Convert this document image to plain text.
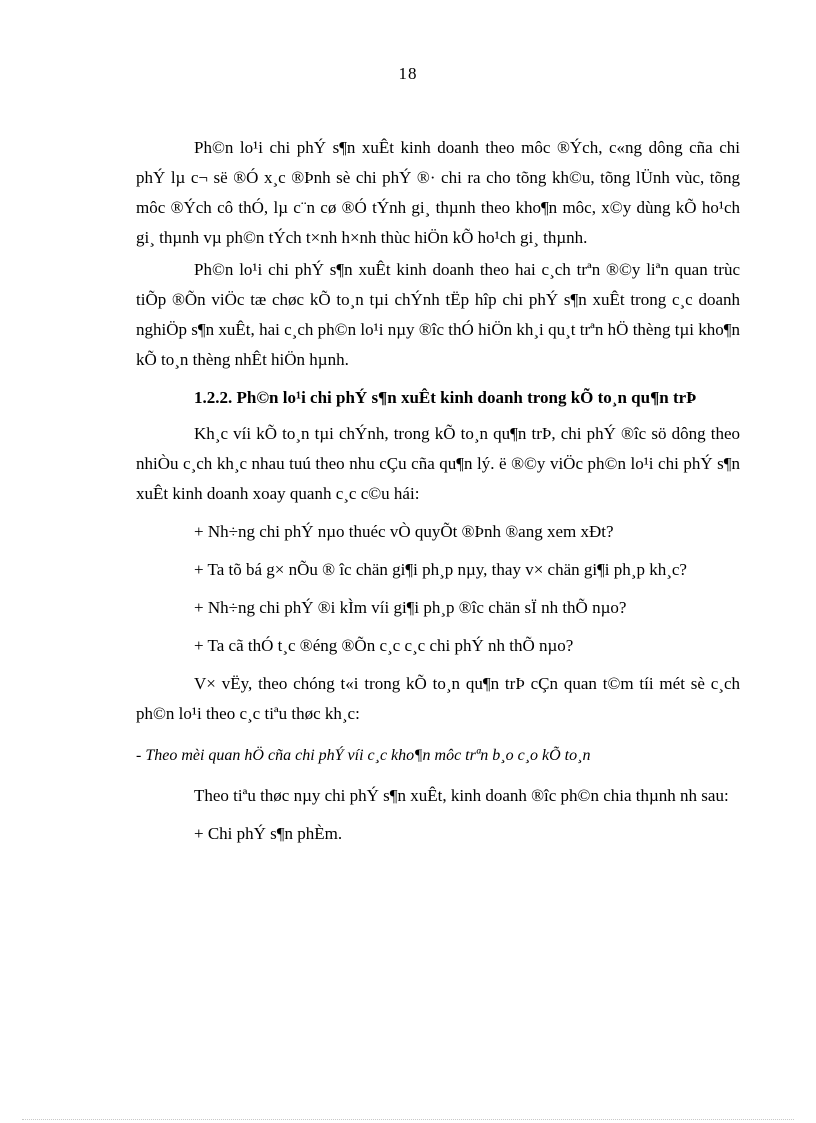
18

Ph©n lo¹i chi phÝ s¶n xuÊt kinh doanh theo môc ®Ých, c«ng dông cña chi phÝ lµ c¬ së ®Ó x¸c ®Þnh sè chi phÝ ®· chi ra cho tõng kh©u, tõng lÜnh vùc, tõng môc ®Ých cô thÓ, lµ c¨n cø ®Ó tÝnh gi¸ thµnh theo kho¶n môc, x©y dùng kÕ ho¹ch gi¸ thµnh vµ ph©n tÝch t×nh h×nh thùc hiÖn kÕ ho¹ch gi¸ thµnh.

Ph©n lo¹i chi phÝ s¶n xuÊt kinh doanh theo hai c¸ch trªn ®©y liªn quan trùc tiÕp ®Õn viÖc tæ chøc kÕ to¸n tµi chÝnh tËp hîp chi phÝ s¶n xuÊt trong c¸c doanh nghiÖp s¶n xuÊt, hai c¸ch ph©n lo¹i nµy ®îc thÓ hiÖn kh¸i qu¸t trªn hÖ thèng tµi kho¶n kÕ to¸n thèng nhÊt hiÖn hµnh.

1.2.2. Ph©n lo¹i chi phÝ s¶n xuÊt kinh doanh trong kÕ to¸n qu¶n trÞ

Kh¸c víi kÕ to¸n tµi chÝnh, trong kÕ to¸n qu¶n trÞ, chi phÝ ®îc sö dông theo nhiÒu c¸ch kh¸c nhau tuú theo nhu cÇu cña qu¶n lý. ë ®©y viÖc ph©n lo¹i chi phÝ s¶n xuÊt kinh doanh xoay quanh c¸c c©u hái:

+ Nh÷ng chi phÝ nµo thuéc vÒ quyÕt ®Þnh ®ang xem xÐt?

+ Ta tõ bá g× nÕu ® îc chän gi¶i ph¸p nµy, thay v× chän gi¶i ph¸p kh¸c?

+ Nh÷ng chi phÝ ®i kÌm víi gi¶i ph¸p ®îc chän sÏ nh thÕ nµo?

+ Ta cã thÓ t¸c ®éng ®Õn c¸c c¸c chi phÝ nh thÕ nµo?

V× vËy, theo chóng t«i trong kÕ to¸n qu¶n trÞ cÇn quan t©m tíi mét sè c¸ch ph©n lo¹i theo c¸c tiªu thøc kh¸c:

- Theo mèi quan hÖ cña chi phÝ víi c¸c kho¶n môc trªn b¸o c¸o kÕ to¸n

Theo tiªu thøc nµy chi phÝ s¶n xuÊt, kinh doanh ®îc ph©n chia thµnh nh sau:

+ Chi phÝ s¶n phÈm.
